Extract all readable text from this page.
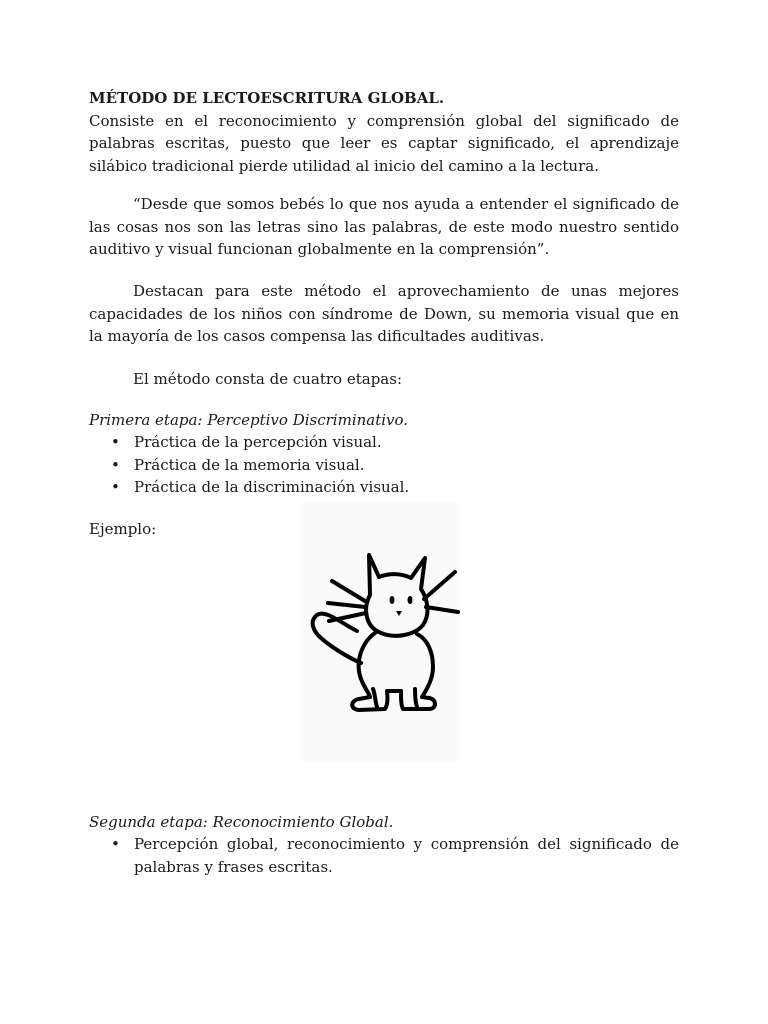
MÉTODO DE LECTOESCRITURA GLOBAL.
Consiste en el reconocimiento y comprensión global del significado de palabras escritas, puesto que leer es captar significado, el aprendizaje silábico tradicional pierde utilidad al inicio del camino a la lectura.
“Desde que somos bebés lo que nos ayuda a entender el significado de las cosas nos son las letras sino las palabras, de este modo nuestro sentido auditivo y visual funcionan globalmente en la comprensión”.
Destacan para este método el aprovechamiento de unas mejores capacidades de los niños con síndrome de Down, su memoria visual que en la mayoría de los casos compensa las dificultades auditivas.
El método consta de cuatro etapas:
Primera etapa: Perceptivo Discriminativo.
• Práctica de la percepción visual.
• Práctica de la memoria visual.
• Práctica de la discriminación visual.
Ejemplo:
Segunda etapa: Reconocimiento Global.
• Percepción global, reconocimiento y comprensión del significado de palabras y frases escritas.
